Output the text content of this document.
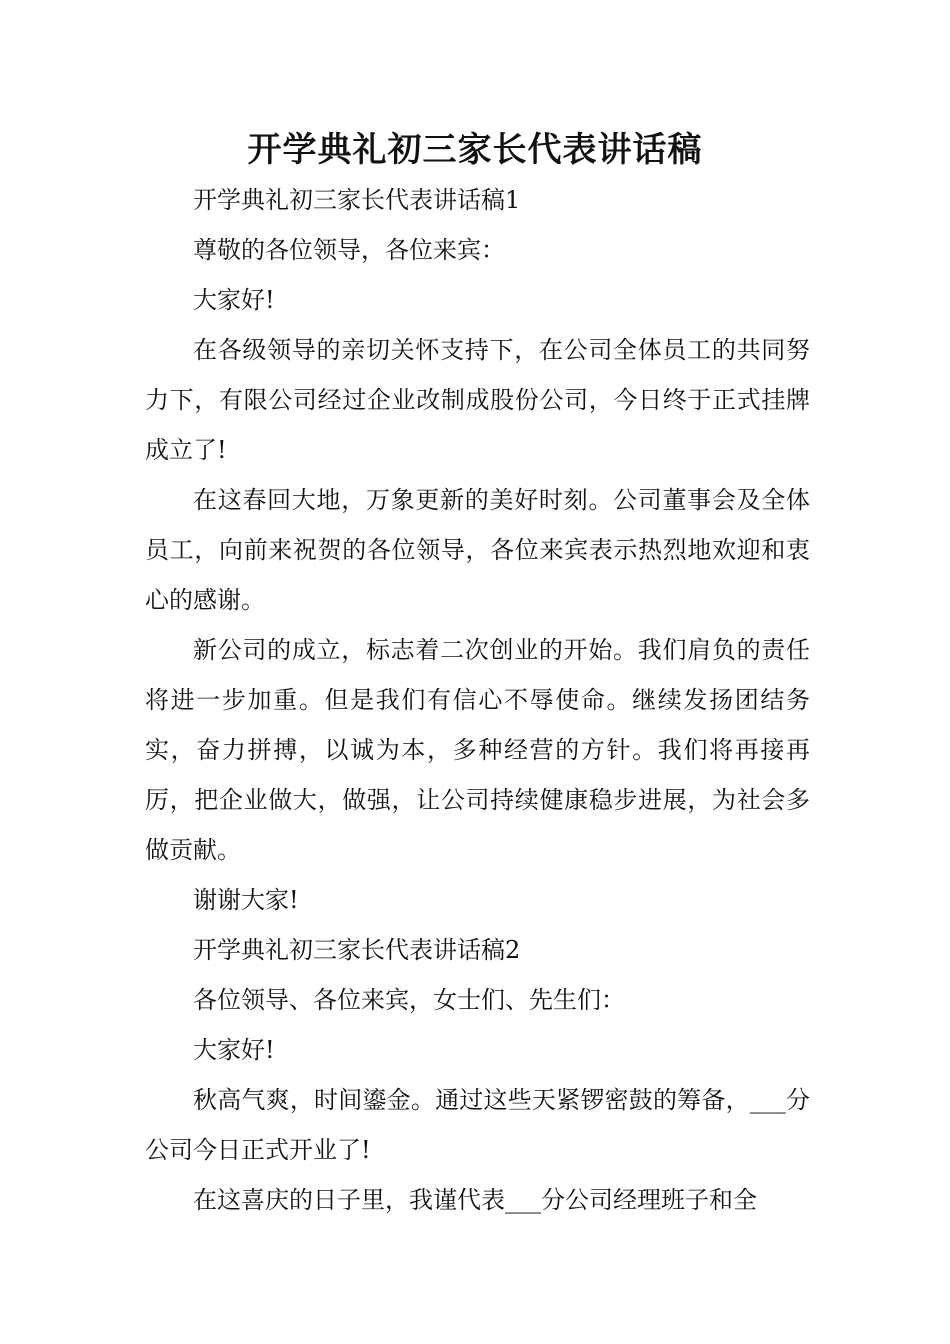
开学典礼初三家长代表讲话稿

开学典礼初三家长代表讲话稿1

尊敬的各位领导，各位来宾：

大家好!

在各级领导的亲切关怀支持下，在公司全体员工的共同努力下，有限公司经过企业改制成股份公司，今日终于正式挂牌成立了!

在这春回大地，万象更新的美好时刻。公司董事会及全体员工，向前来祝贺的各位领导，各位来宾表示热烈地欢迎和衷心的感谢。

新公司的成立，标志着二次创业的开始。我们肩负的责任将进一步加重。但是我们有信心不辱使命。继续发扬团结务实，奋力拼搏，以诚为本，多种经营的方针。我们将再接再厉，把企业做大，做强，让公司持续健康稳步进展，为社会多做贡献。

谢谢大家!

开学典礼初三家长代表讲话稿2

各位领导、各位来宾，女士们、先生们：

大家好!

秋高气爽，时间鎏金。通过这些天紧锣密鼓的筹备，___分公司今日正式开业了!

在这喜庆的日子里，我谨代表___分公司经理班子和全
